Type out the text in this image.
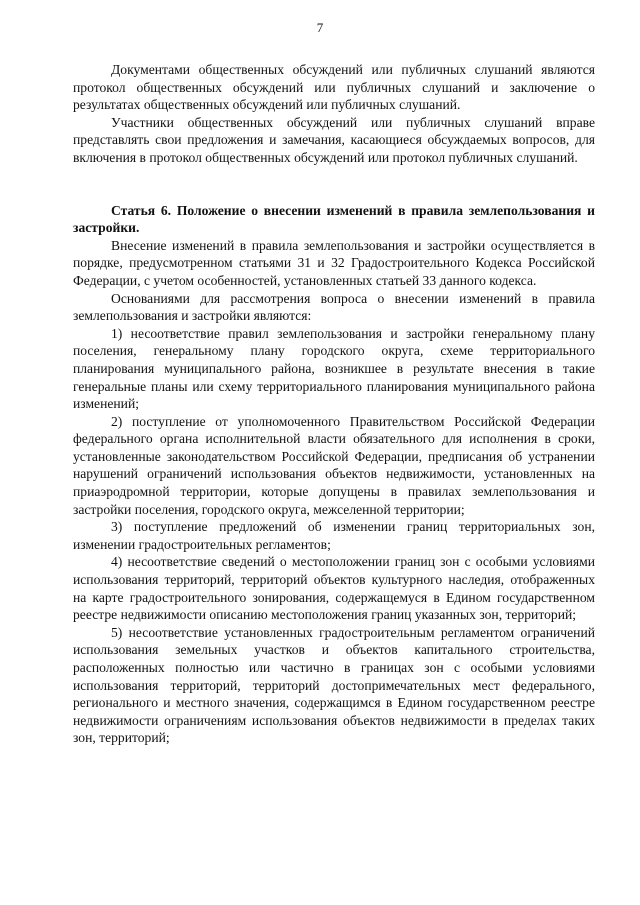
7

Документами общественных обсуждений или публичных слушаний являются протокол общественных обсуждений или публичных слушаний и заключение о результатах общественных обсуждений или публичных слушаний.

Участники общественных обсуждений или публичных слушаний вправе представлять свои предложения и замечания, касающиеся обсуждаемых вопросов, для включения в протокол общественных обсуждений или протокол публичных слушаний.

Статья 6. Положение о внесении изменений в правила землепользования и застройки.

Внесение изменений в правила землепользования и застройки осуществляется в порядке, предусмотренном статьями 31 и 32 Градостроительного Кодекса Российской Федерации, с учетом особенностей, установленных статьей 33 данного кодекса.

Основаниями для рассмотрения вопроса о внесении изменений в правила землепользования и застройки являются:

1) несоответствие правил землепользования и застройки генеральному плану поселения, генеральному плану городского округа, схеме территориального планирования муниципального района, возникшее в результате внесения в такие генеральные планы или схему территориального планирования муниципального района изменений;

2) поступление от уполномоченного Правительством Российской Федерации федерального органа исполнительной власти обязательного для исполнения в сроки, установленные законодательством Российской Федерации, предписания об устранении нарушений ограничений использования объектов недвижимости, установленных на приаэродромной территории, которые допущены в правилах землепользования и застройки поселения, городского округа, межселенной территории;

3) поступление предложений об изменении границ территориальных зон, изменении градостроительных регламентов;

4) несоответствие сведений о местоположении границ зон с особыми условиями использования территорий, территорий объектов культурного наследия, отображенных на карте градостроительного зонирования, содержащемуся в Едином государственном реестре недвижимости описанию местоположения границ указанных зон, территорий;

5) несоответствие установленных градостроительным регламентом ограничений использования земельных участков и объектов капитального строительства, расположенных полностью или частично в границах зон с особыми условиями использования территорий, территорий достопримечательных мест федерального, регионального и местного значения, содержащимся в Едином государственном реестре недвижимости ограничениям использования объектов недвижимости в пределах таких зон, территорий;
